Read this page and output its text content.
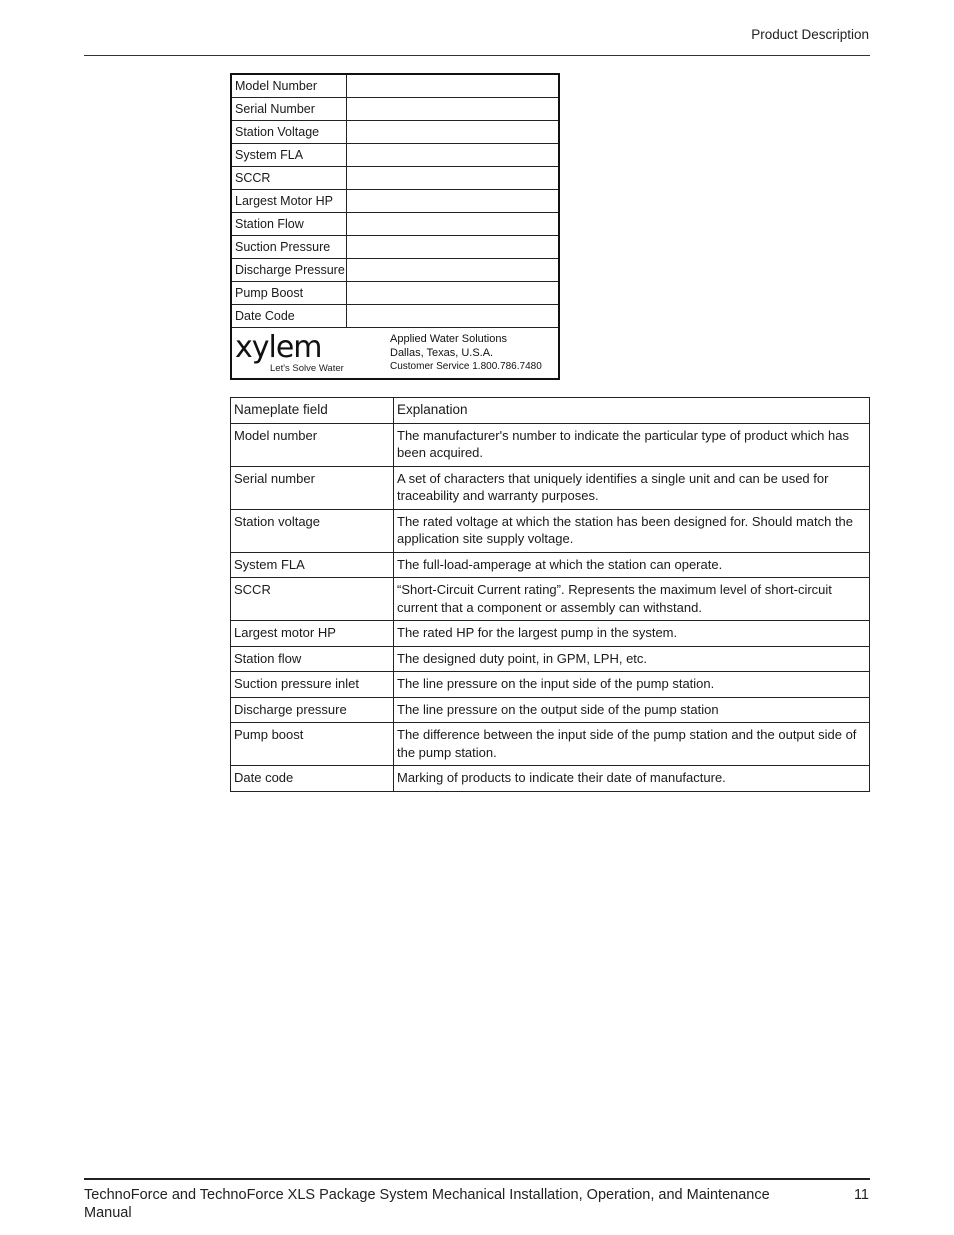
Product Description
Model Number
Serial Number
Station Voltage
System FLA
SCCR
Largest Motor HP
Station Flow
Suction Pressure
Discharge Pressure
Pump Boost
Date Code
xylem
Let's Solve Water
Applied Water Solutions
Dallas, Texas, U.S.A.
Customer Service 1.800.786.7480
Nameplate field	Explanation
Model number	The manufacturer's number to indicate the particular type of product which has been acquired.
Serial number	A set of characters that uniquely identifies a single unit and can be used for traceability and warranty purposes.
Station voltage	The rated voltage at which the station has been designed for. Should match the application site supply voltage.
System FLA	The full-load-amperage at which the station can operate.
SCCR	“Short-Circuit Current rating”. Represents the maximum level of short-circuit current that a component or assembly can withstand.
Largest motor HP	The rated HP for the largest pump in the system.
Station flow	The designed duty point, in GPM, LPH, etc.
Suction pressure inlet	The line pressure on the input side of the pump station.
Discharge pressure	The line pressure on the output side of the pump station
Pump boost	The difference between the input side of the pump station and the output side of the pump station.
Date code	Marking of products to indicate their date of manufacture.
TechnoForce and TechnoForce XLS Package System Mechanical Installation, Operation, and Maintenance Manual
11
